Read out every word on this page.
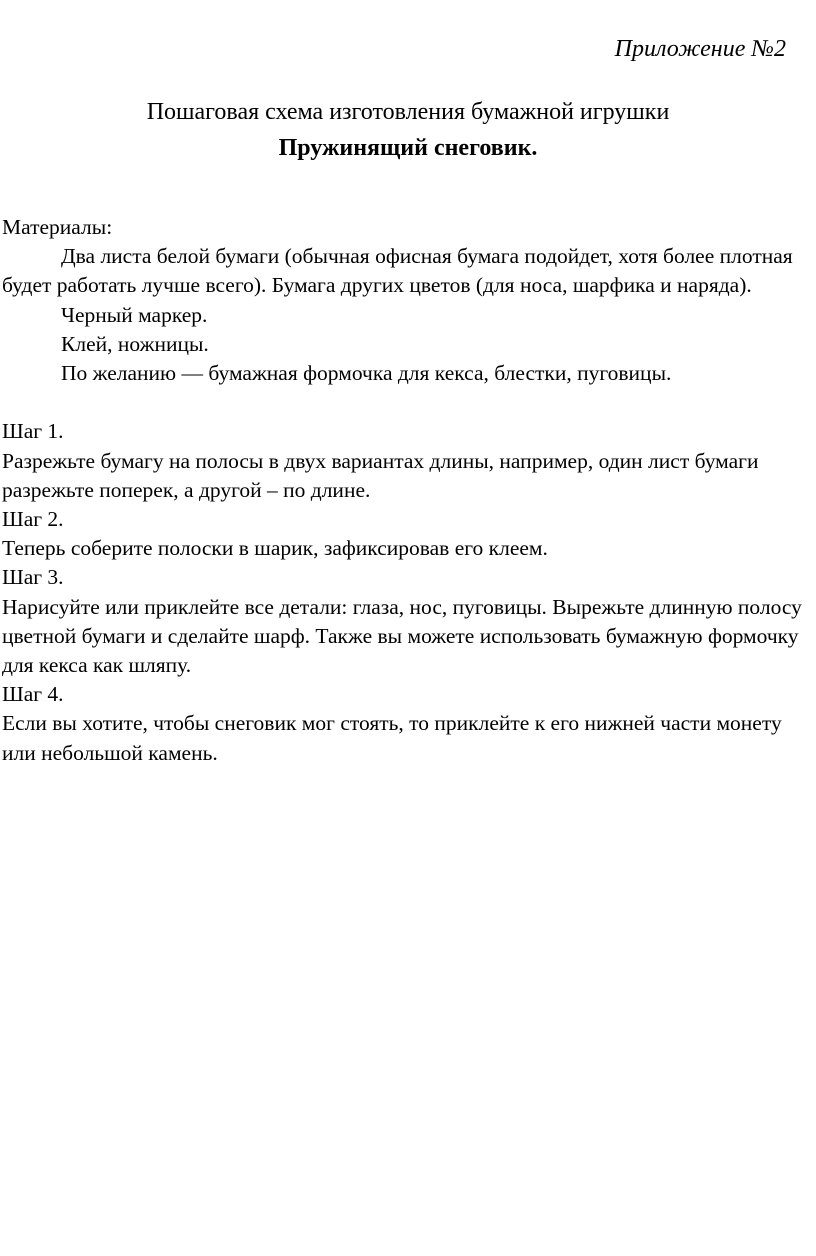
Приложение №2
Пошаговая схема изготовления бумажной игрушки
Пружинящий снеговик.

Материалы:

Два листа белой бумаги (обычная офисная бумага подойдет, хотя более плотная будет работать лучше всего). Бумага других цветов (для носа, шарфика и наряда).

Черный маркер.

Клей, ножницы.

По желанию — бумажная формочка для кекса, блестки, пуговицы.

Шаг 1.

Разрежьте бумагу на полосы в двух вариантах длины, например, один лист бумаги разрежьте поперек, а другой – по длине.

Шаг 2.

Теперь соберите полоски в шарик, зафиксировав его клеем.

Шаг 3.

Нарисуйте или приклейте все детали: глаза, нос, пуговицы. Вырежьте длинную полосу цветной бумаги и сделайте шарф. Также вы можете использовать бумажную формочку для кекса как шляпу.

Шаг 4.

Если вы хотите, чтобы снеговик мог стоять, то приклейте к его нижней части монету или небольшой камень.
